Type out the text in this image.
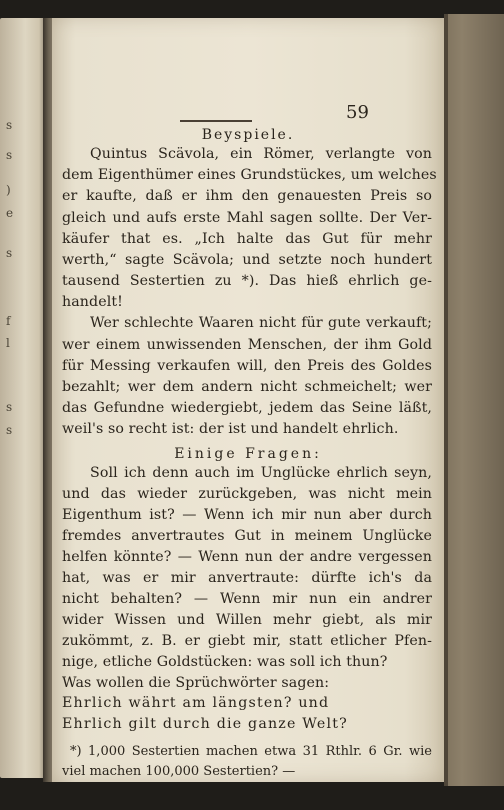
s
s
)
e
s
f
l
s
s
59
Beyspiele.
Quintus Scävola, ein Römer, verlangte von
dem Eigenthümer eines Grundstückes, um welches
er kaufte, daß er ihm den genauesten Preis so
gleich und aufs erste Mahl sagen sollte. Der Ver-
käufer that es. „Ich halte das Gut für mehr
werth,“ sagte Scävola; und setzte noch hundert
tausend Sestertien zu *). Das hieß ehrlich ge-
handelt!
Wer schlechte Waaren nicht für gute verkauft;
wer einem unwissenden Menschen, der ihm Gold
für Messing verkaufen will, den Preis des Goldes
bezahlt; wer dem andern nicht schmeichelt; wer
das Gefundne wiedergiebt, jedem das Seine läßt,
weil's so recht ist: der ist und handelt ehrlich.
Einige Fragen:
Soll ich denn auch im Unglücke ehrlich seyn,
und das wieder zurückgeben, was nicht mein
Eigenthum ist? — Wenn ich mir nun aber durch
fremdes anvertrautes Gut in meinem Unglücke
helfen könnte? — Wenn nun der andre vergessen
hat, was er mir anvertraute: dürfte ich's da
nicht behalten? — Wenn mir nun ein andrer
wider Wissen und Willen mehr giebt, als mir
zukömmt, z. B. er giebt mir, statt etlicher Pfen-
nige, etliche Goldstücken: was soll ich thun?
Was wollen die Sprüchwörter sagen:
Ehrlich währt am längsten? und
Ehrlich gilt durch die ganze Welt?
*) 1,000 Sestertien machen etwa 31 Rthlr. 6 Gr. wie
viel machen 100,000 Sestertien? —
